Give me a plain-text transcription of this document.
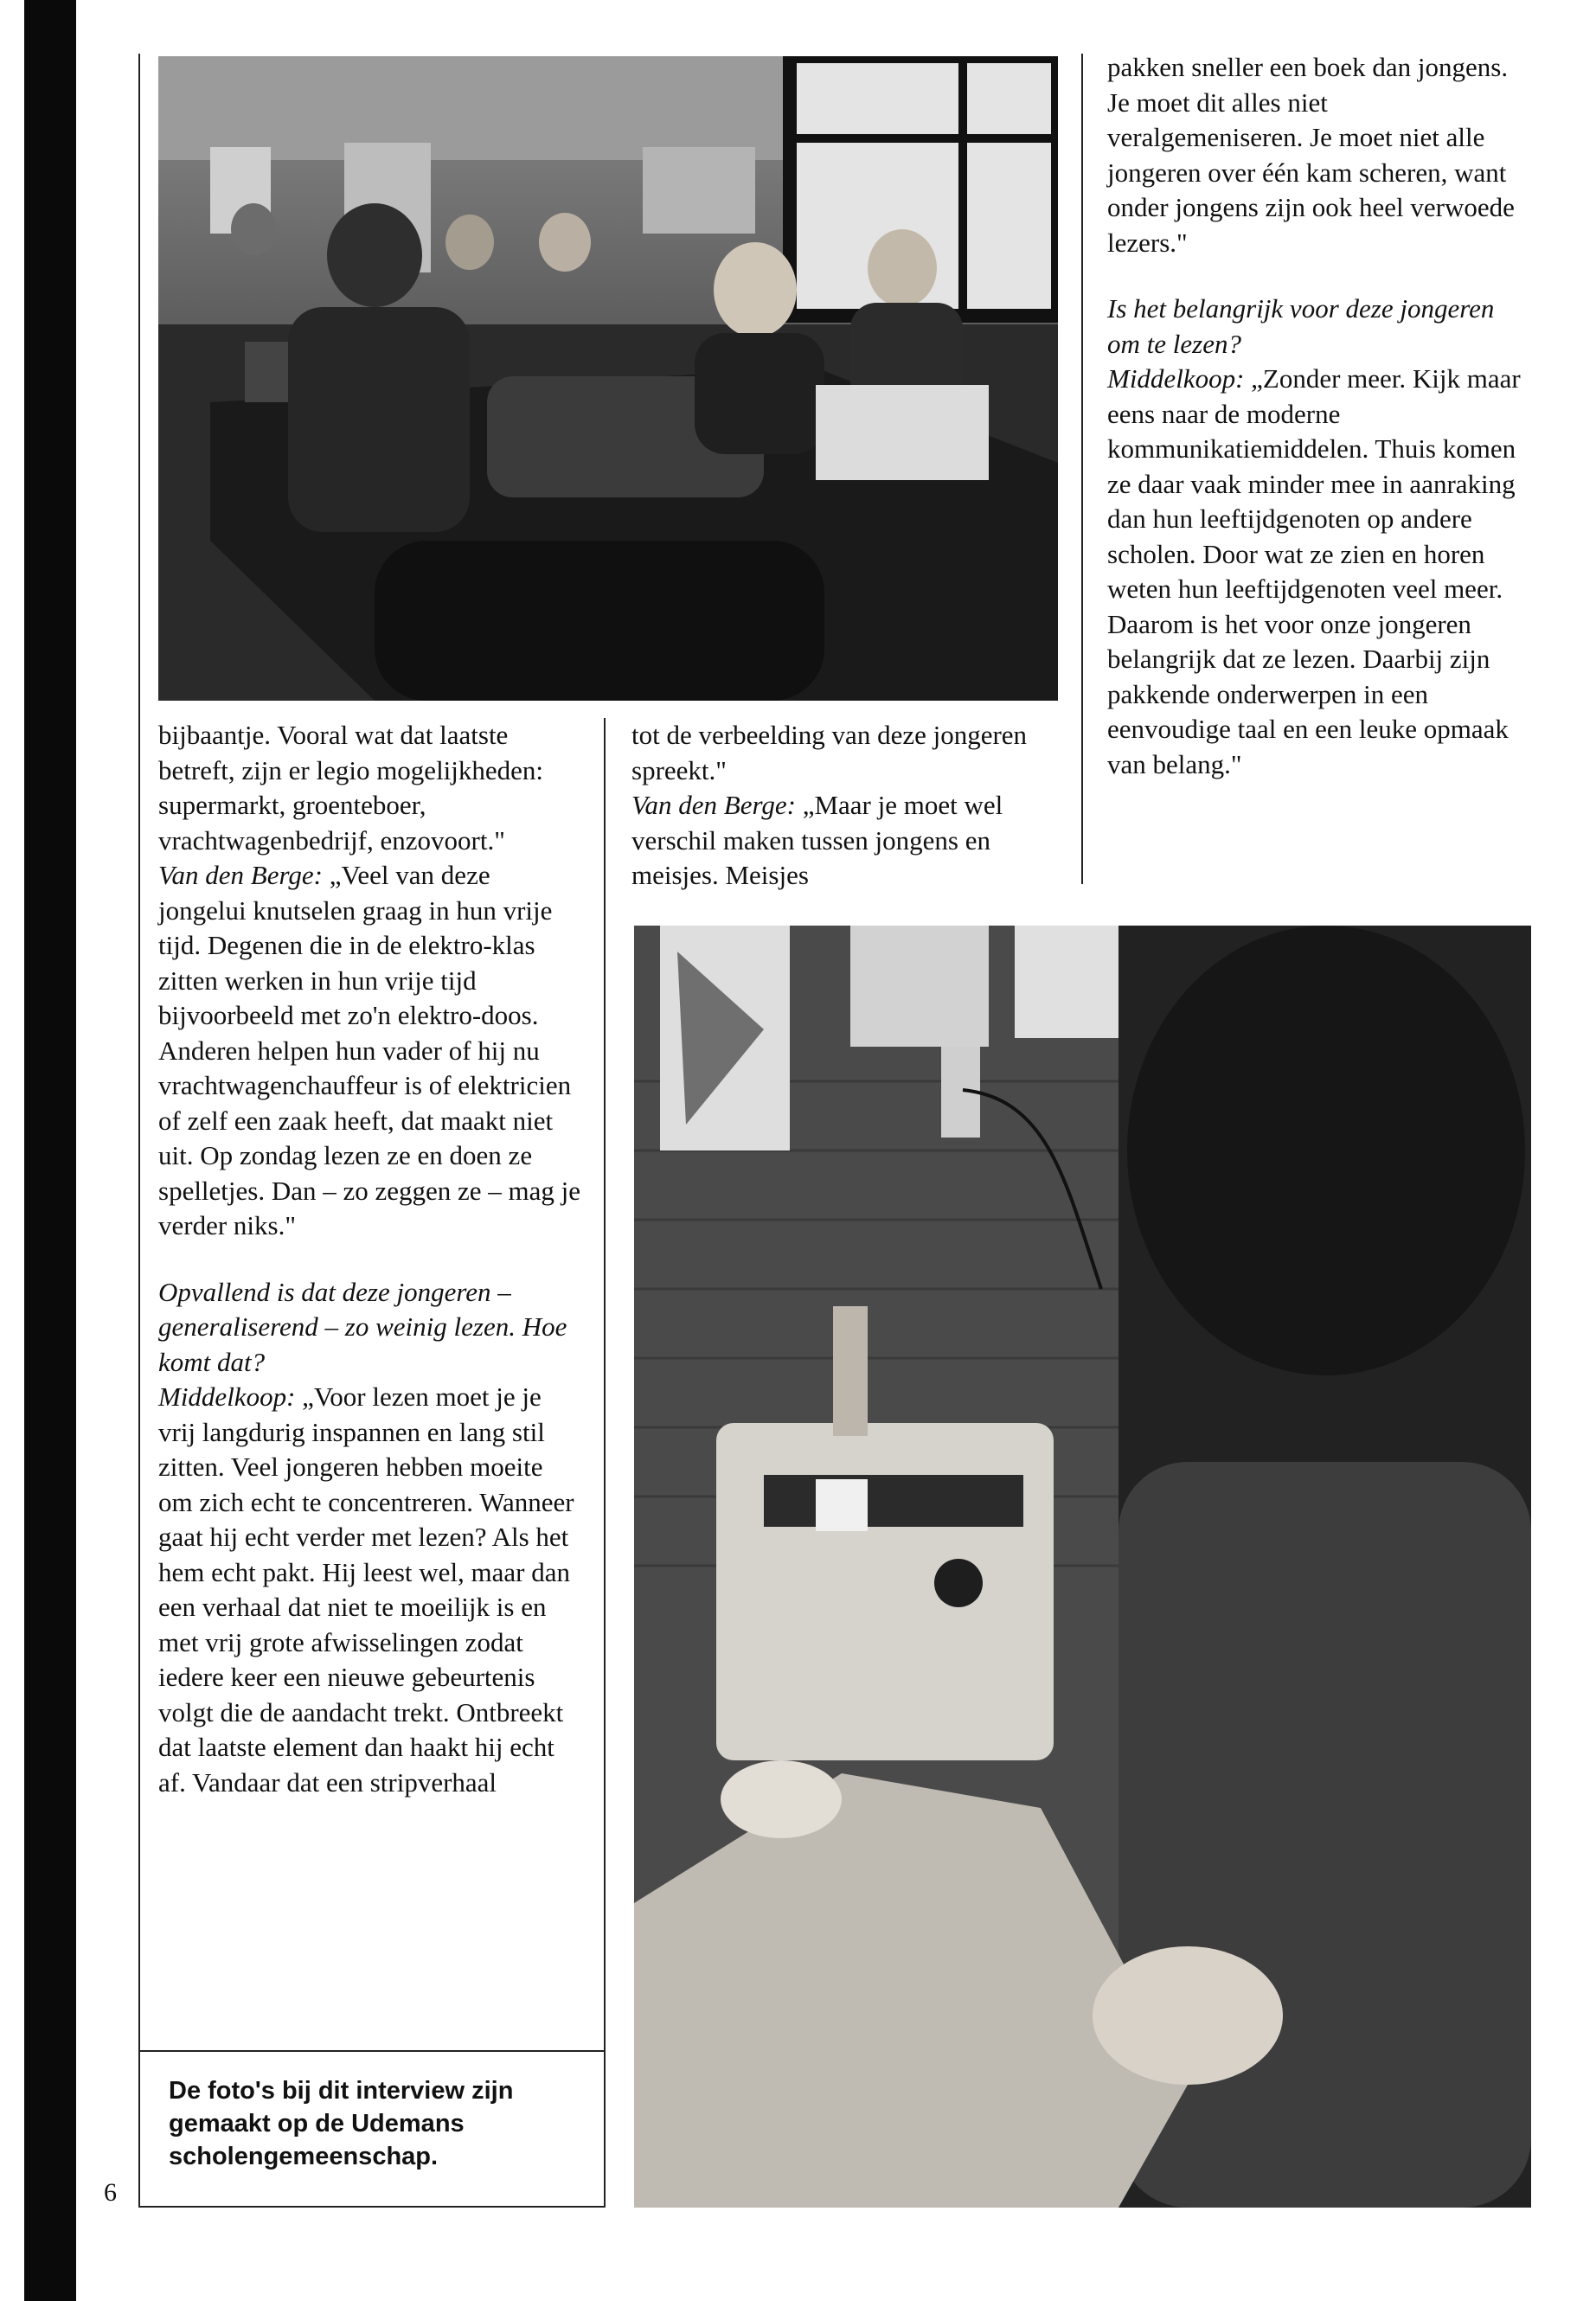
pakken sneller een boek dan jongens. Je moet dit alles niet veralgemeniseren. Je moet niet alle jongeren over één kam scheren, want onder jongens zijn ook heel verwoede lezers."

Is het belangrijk voor deze jongeren om te lezen?
Middelkoop: „Zonder meer. Kijk maar eens naar de moderne kommunikatiemiddelen. Thuis komen ze daar vaak minder mee in aanraking dan hun leeftijdgenoten op andere scholen. Door wat ze zien en horen weten hun leeftijdgenoten veel meer. Daarom is het voor onze jongeren belangrijk dat ze lezen. Daarbij zijn pakkende onderwerpen in een eenvoudige taal en een leuke opmaak van belang."

bijbaantje. Vooral wat dat laatste betreft, zijn er legio mogelijkheden: supermarkt, groenteboer, vrachtwagenbedrijf, enzovoort."

Van den Berge: „Veel van deze jongelui knutselen graag in hun vrije tijd. Degenen die in de elektro-klas zitten werken in hun vrije tijd bijvoorbeeld met zo'n elektro-doos. Anderen helpen hun vader of hij nu vrachtwagenchauffeur is of elektricien of zelf een zaak heeft, dat maakt niet uit. Op zondag lezen ze en doen ze spelletjes. Dan – zo zeggen ze – mag je verder niks."

Opvallend is dat deze jongeren – generaliserend – zo weinig lezen. Hoe komt dat?
Middelkoop: „Voor lezen moet je je vrij langdurig inspannen en lang stil zitten. Veel jongeren hebben moeite om zich echt te concentreren. Wanneer gaat hij echt verder met lezen? Als het hem echt pakt. Hij leest wel, maar dan een verhaal dat niet te moeilijk is en met vrij grote afwisselingen zodat iedere keer een nieuwe gebeurtenis volgt die de aandacht trekt. Ontbreekt dat laatste element dan haakt hij echt af. Vandaar dat een stripverhaal

tot de verbeelding van deze jongeren spreekt."

Van den Berge: „Maar je moet wel verschil maken tussen jongens en meisjes. Meisjes

De foto's bij dit interview zijn gemaakt op de Udemans scholengemeenschap.
6
